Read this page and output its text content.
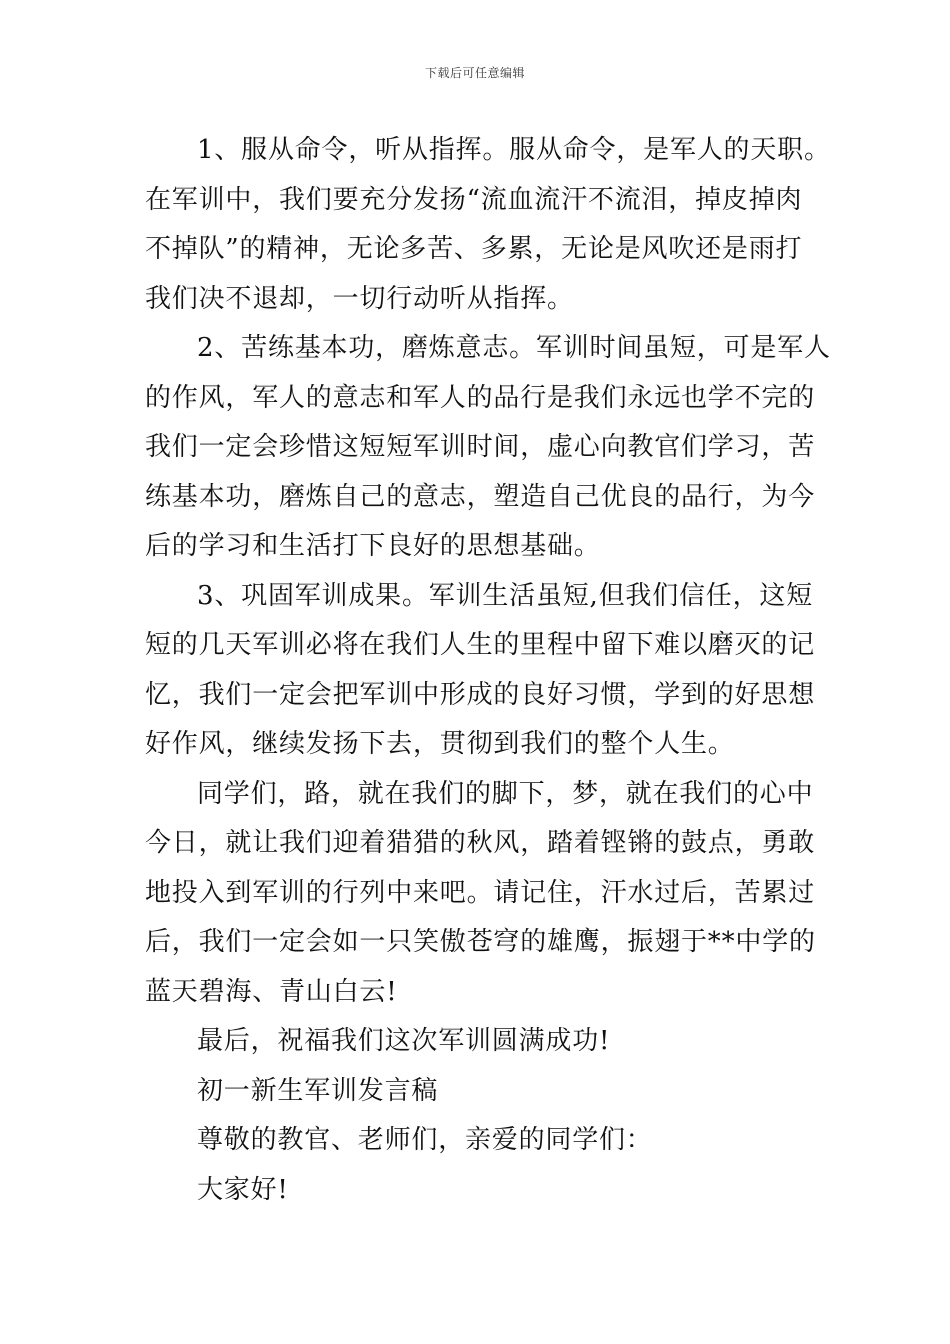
下载后可任意编辑
1、服从命令，听从指挥。服从命令，是军人的天职。
在军训中，我们要充分发扬“流血流汗不流泪，掉皮掉肉
不掉队”的精神，无论多苦、多累，无论是风吹还是雨打
我们决不退却，一切行动听从指挥。
2、苦练基本功，磨炼意志。军训时间虽短，可是军人
的作风，军人的意志和军人的品行是我们永远也学不完的
我们一定会珍惜这短短军训时间，虚心向教官们学习，苦
练基本功，磨炼自己的意志，塑造自己优良的品行，为今
后的学习和生活打下良好的思想基础。
3、巩固军训成果。军训生活虽短,但我们信任，这短
短的几天军训必将在我们人生的里程中留下难以磨灭的记
忆，我们一定会把军训中形成的良好习惯，学到的好思想
好作风，继续发扬下去，贯彻到我们的整个人生。
同学们，路，就在我们的脚下，梦，就在我们的心中
今日，就让我们迎着猎猎的秋风，踏着铿锵的鼓点，勇敢
地投入到军训的行列中来吧。请记住，汗水过后，苦累过
后，我们一定会如一只笑傲苍穹的雄鹰，振翅于**中学的
蓝天碧海、青山白云!
最后，祝福我们这次军训圆满成功!
初一新生军训发言稿
尊敬的教官、老师们，亲爱的同学们：
大家好!
